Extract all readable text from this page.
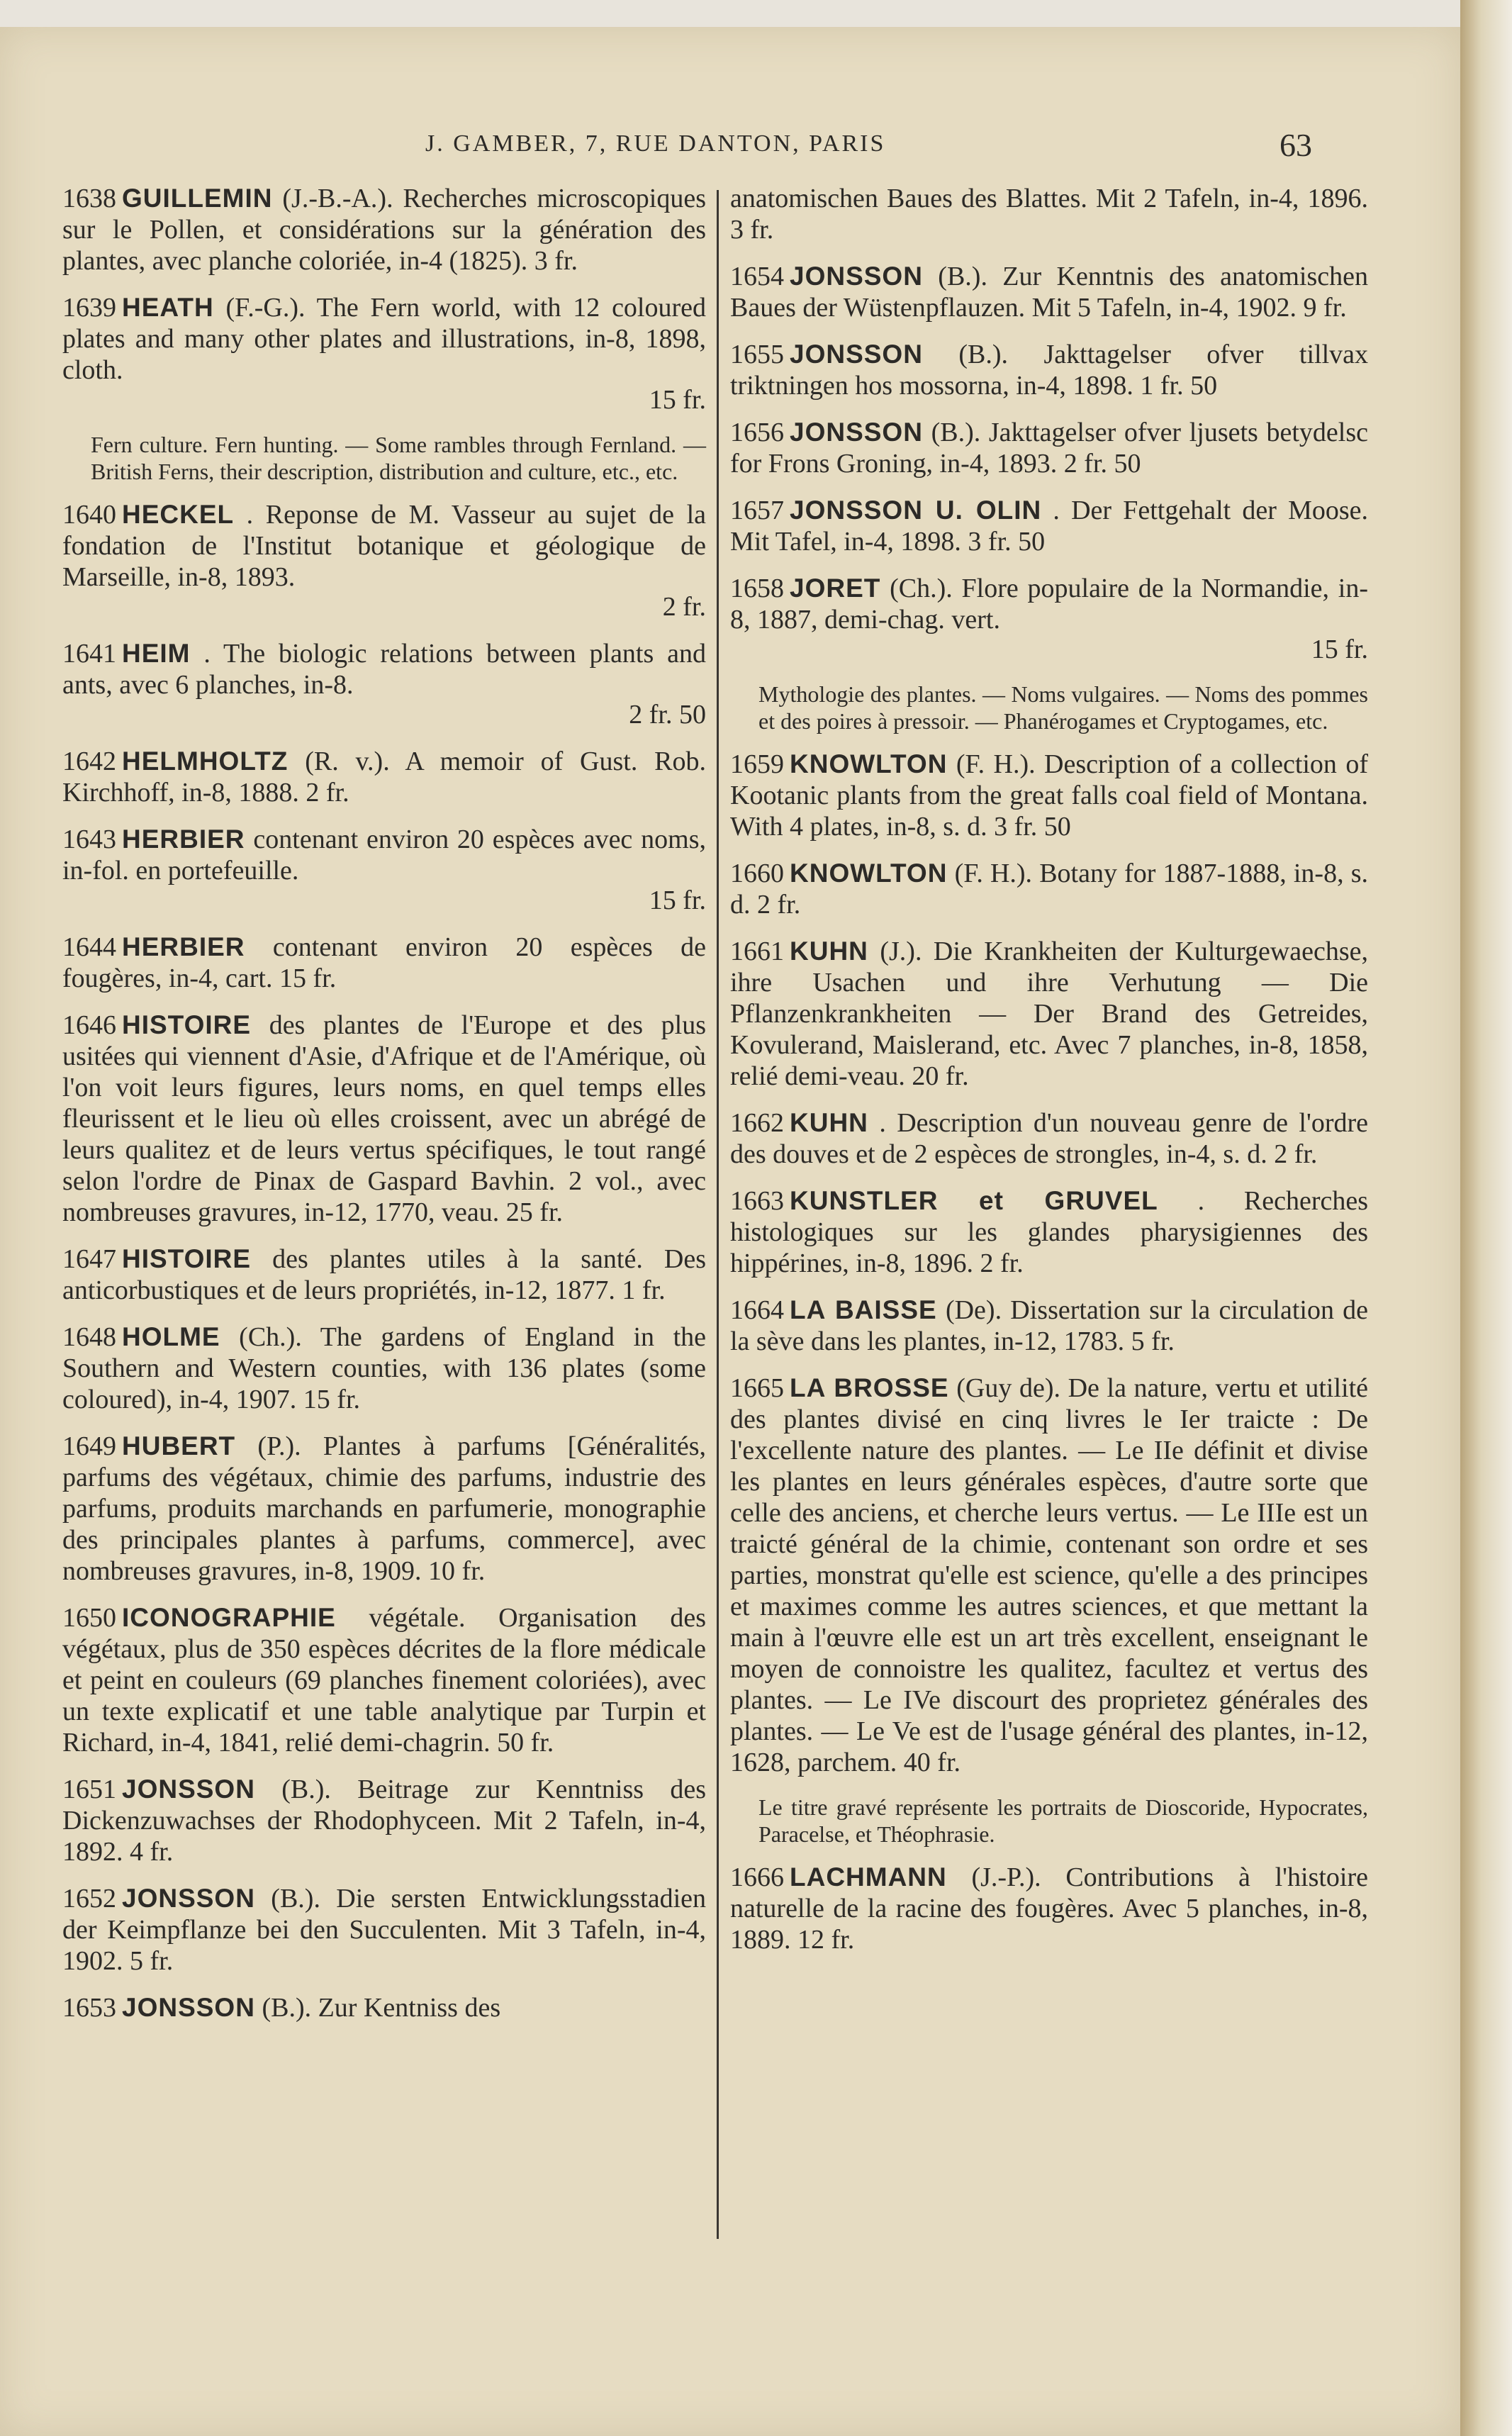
J. GAMBER, 7, RUE DANTON, PARIS	63
1638 GUILLEMIN (J.-B.-A.). Recherches microscopiques sur le Pollen, et considérations sur la génération des plantes, avec planche coloriée, in-4 (1825). 3 fr.
1639 HEATH (F.-G.). The Fern world, with 12 coloured plates and many other plates and illustrations, in-8, 1898, cloth.
15 fr.
Fern culture. Fern hunting. — Some rambles through Fernland. — British Ferns, their description, distribution and culture, etc., etc.
1640 HECKEL . Reponse de M. Vasseur au sujet de la fondation de l'Institut botanique et géologique de Marseille, in-8, 1893.
2 fr.
1641 HEIM . The biologic relations between plants and ants, avec 6 planches, in-8.
2 fr. 50
1642 HELMHOLTZ (R. v.). A memoir of Gust. Rob. Kirchhoff, in-8, 1888. 2 fr.
1643 HERBIER contenant environ 20 espèces avec noms, in-fol. en portefeuille.
15 fr.
1644 HERBIER contenant environ 20 espèces de fougères, in-4, cart. 15 fr.
1646 HISTOIRE des plantes de l'Europe et des plus usitées qui viennent d'Asie, d'Afrique et de l'Amérique, où l'on voit leurs figures, leurs noms, en quel temps elles fleurissent et le lieu où elles croissent, avec un abrégé de leurs qualitez et de leurs vertus spécifiques, le tout rangé selon l'ordre de Pinax de Gaspard Bavhin. 2 vol., avec nombreuses gravures, in-12, 1770, veau. 25 fr.
1647 HISTOIRE des plantes utiles à la santé. Des anticorbustiques et de leurs propriétés, in-12, 1877. 1 fr.
1648 HOLME (Ch.). The gardens of England in the Southern and Western counties, with 136 plates (some coloured), in-4, 1907. 15 fr.
1649 HUBERT (P.). Plantes à parfums [Généralités, parfums des végétaux, chimie des parfums, industrie des parfums, produits marchands en parfumerie, monographie des principales plantes à parfums, commerce], avec nombreuses gravures, in-8, 1909. 10 fr.
1650 ICONOGRAPHIE végétale. Organisation des végétaux, plus de 350 espèces décrites de la flore médicale et peint en couleurs (69 planches finement coloriées), avec un texte explicatif et une table analytique par Turpin et Richard, in-4, 1841, relié demi-chagrin. 50 fr.
1651 JONSSON (B.). Beitrage zur Kenntniss des Dickenzuwachses der Rhodophyceen. Mit 2 Tafeln, in-4, 1892. 4 fr.
1652 JONSSON (B.). Die sersten Entwicklungsstadien der Keimpflanze bei den Succulenten. Mit 3 Tafeln, in-4, 1902. 5 fr.
1653 JONSSON (B.). Zur Kentniss des
anatomischen Baues des Blattes. Mit 2 Tafeln, in-4, 1896. 3 fr.
1654 JONSSON (B.). Zur Kenntnis des anatomischen Baues der Wüstenpflauzen. Mit 5 Tafeln, in-4, 1902. 9 fr.
1655 JONSSON (B.). Jakttagelser ofver tillvax triktningen hos mossorna, in-4, 1898. 1 fr. 50
1656 JONSSON (B.). Jakttagelser ofver ljusets betydelsc for Frons Groning, in-4, 1893. 2 fr. 50
1657 JONSSON U. OLIN . Der Fettgehalt der Moose. Mit Tafel, in-4, 1898. 3 fr. 50
1658 JORET (Ch.). Flore populaire de la Normandie, in-8, 1887, demi-chag. vert.
15 fr.
Mythologie des plantes. — Noms vulgaires. — Noms des pommes et des poires à pressoir. — Phanérogames et Cryptogames, etc.
1659 KNOWLTON (F. H.). Description of a collection of Kootanic plants from the great falls coal field of Montana. With 4 plates, in-8, s. d. 3 fr. 50
1660 KNOWLTON (F. H.). Botany for 1887-1888, in-8, s. d. 2 fr.
1661 KUHN (J.). Die Krankheiten der Kulturgewaechse, ihre Usachen und ihre Verhutung — Die Pflanzenkrankheiten — Der Brand des Getreides, Kovulerand, Maislerand, etc. Avec 7 planches, in-8, 1858, relié demi-veau. 20 fr.
1662 KUHN . Description d'un nouveau genre de l'ordre des douves et de 2 espèces de strongles, in-4, s. d. 2 fr.
1663 KUNSTLER et GRUVEL . Recherches histologiques sur les glandes pharysigiennes des hippérines, in-8, 1896. 2 fr.
1664 LA BAISSE (De). Dissertation sur la circulation de la sève dans les plantes, in-12, 1783. 5 fr.
1665 LA BROSSE (Guy de). De la nature, vertu et utilité des plantes divisé en cinq livres le Ier traicte : De l'excellente nature des plantes. — Le IIe définit et divise les plantes en leurs générales espèces, d'autre sorte que celle des anciens, et cherche leurs vertus. — Le IIIe est un traicté général de la chimie, contenant son ordre et ses parties, monstrat qu'elle est science, qu'elle a des principes et maximes comme les autres sciences, et que mettant la main à l'œuvre elle est un art très excellent, enseignant le moyen de connoistre les qualitez, facultez et vertus des plantes. — Le IVe discourt des proprietez générales des plantes. — Le Ve est de l'usage général des plantes, in-12, 1628, parchem. 40 fr.
Le titre gravé représente les portraits de Dioscoride, Hypocrates, Paracelse, et Théophrasie.
1666 LACHMANN (J.-P.). Contributions à l'histoire naturelle de la racine des fougères. Avec 5 planches, in-8, 1889. 12 fr.
